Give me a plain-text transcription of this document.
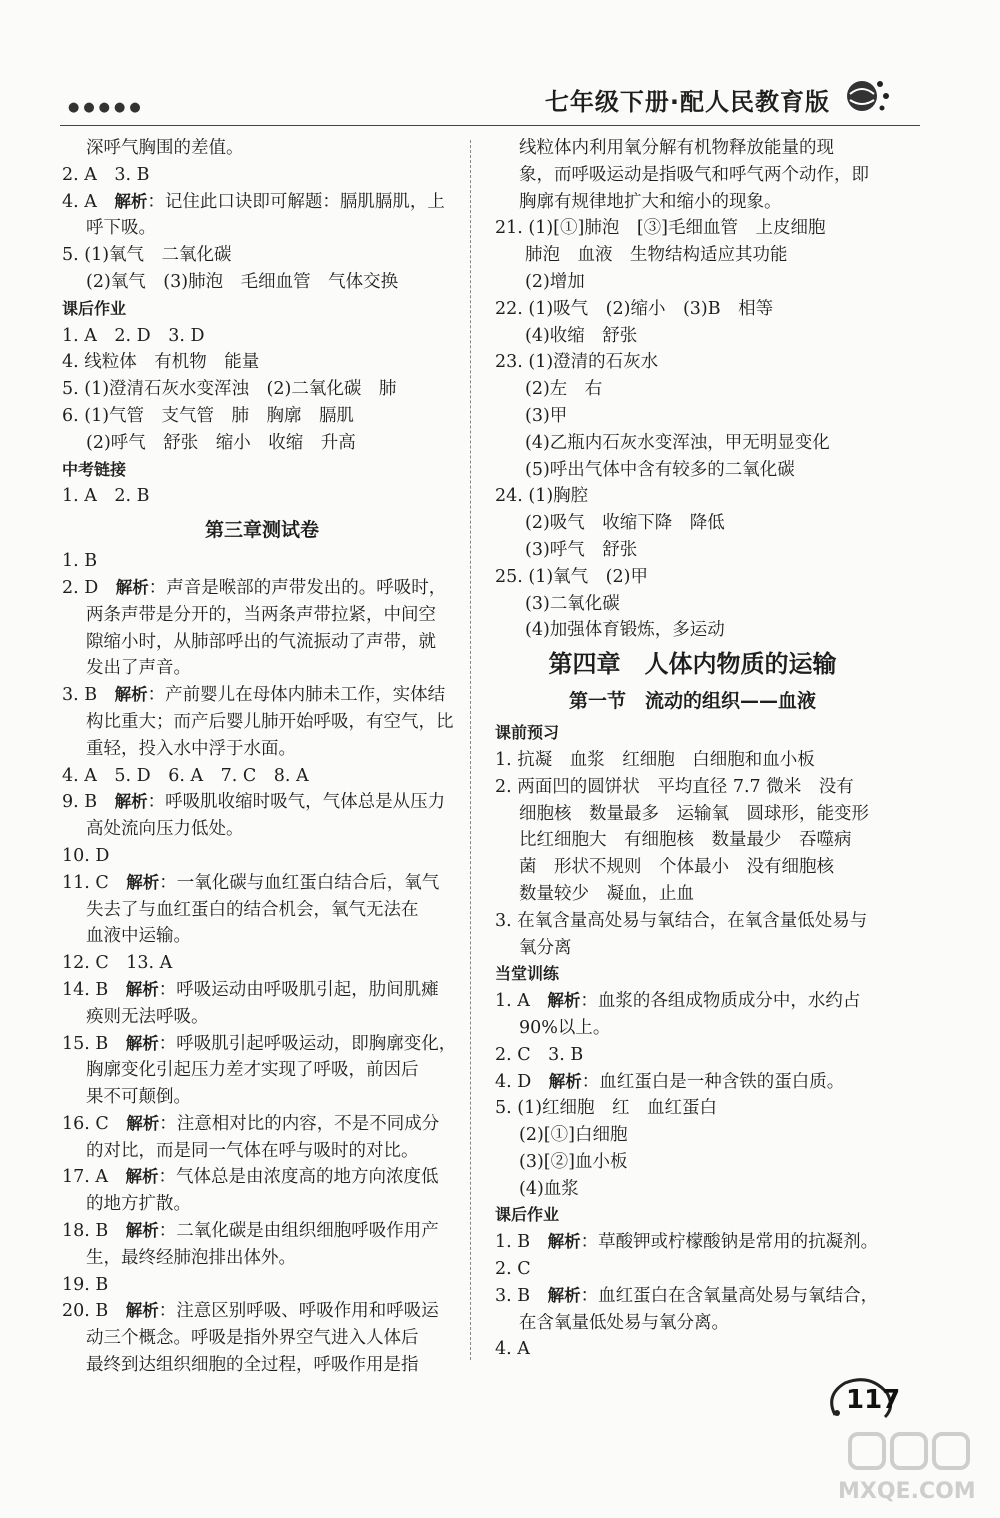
●●●●●	七年级下册·配人民教育版
深呼气胸围的差值。
2. A　3. B
4. A　解析：记住此口诀即可解题：膈肌膈肌，上
呼下吸。
5. (1)氧气　二氧化碳
(2)氧气　(3)肺泡　毛细血管　气体交换
课后作业
1. A　2. D　3. D
4. 线粒体　有机物　能量
5. (1)澄清石灰水变浑浊　(2)二氧化碳　肺
6. (1)气管　支气管　肺　胸廓　膈肌
(2)呼气　舒张　缩小　收缩　升高
中考链接
1. A　2. B
第三章测试卷
1. B
2. D　解析：声音是喉部的声带发出的。呼吸时，
两条声带是分开的，当两条声带拉紧，中间空
隙缩小时，从肺部呼出的气流振动了声带，就
发出了声音。
3. B　解析：产前婴儿在母体内肺未工作，实体结
构比重大；而产后婴儿肺开始呼吸，有空气，比
重轻，投入水中浮于水面。
4. A　5. D　6. A　7. C　8. A
9. B　解析：呼吸肌收缩时吸气，气体总是从压力
高处流向压力低处。
10. D
11. C　解析：一氧化碳与血红蛋白结合后，氧气
失去了与血红蛋白的结合机会，氧气无法在
血液中运输。
12. C　13. A
14. B　解析：呼吸运动由呼吸肌引起，肋间肌瘫
痪则无法呼吸。
15. B　解析：呼吸肌引起呼吸运动，即胸廓变化，
胸廓变化引起压力差才实现了呼吸，前因后
果不可颠倒。
16. C　解析：注意相对比的内容，不是不同成分
的对比，而是同一气体在呼与吸时的对比。
17. A　解析：气体总是由浓度高的地方向浓度低
的地方扩散。
18. B　解析：二氧化碳是由组织细胞呼吸作用产
生，最终经肺泡排出体外。
19. B
20. B　解析：注意区别呼吸、呼吸作用和呼吸运
动三个概念。呼吸是指外界空气进入人体后
最终到达组织细胞的全过程，呼吸作用是指
线粒体内利用氧分解有机物释放能量的现
象，而呼吸运动是指吸气和呼气两个动作，即
胸廓有规律地扩大和缩小的现象。
21. (1)[①]肺泡　[③]毛细血管　上皮细胞
肺泡　血液　生物结构适应其功能
(2)增加
22. (1)吸气　(2)缩小　(3)B　相等
(4)收缩　舒张
23. (1)澄清的石灰水
(2)左　右
(3)甲
(4)乙瓶内石灰水变浑浊，甲无明显变化
(5)呼出气体中含有较多的二氧化碳
24. (1)胸腔
(2)吸气　收缩下降　降低
(3)呼气　舒张
25. (1)氧气　(2)甲
(3)二氧化碳
(4)加强体育锻炼，多运动
第四章　人体内物质的运输
第一节　流动的组织——血液
课前预习
1. 抗凝　血浆　红细胞　白细胞和血小板
2. 两面凹的圆饼状　平均直径 7.7 微米　没有
细胞核　数量最多　运输氧　圆球形，能变形
比红细胞大　有细胞核　数量最少　吞噬病
菌　形状不规则　个体最小　没有细胞核
数量较少　凝血，止血
3. 在氧含量高处易与氧结合，在氧含量低处易与
氧分离
当堂训练
1. A　解析：血浆的各组成物质成分中，水约占
90%以上。
2. C　3. B
4. D　解析：血红蛋白是一种含铁的蛋白质。
5. (1)红细胞　红　血红蛋白
(2)[①]白细胞
(3)[②]血小板
(4)血浆
课后作业
1. B　解析：草酸钾或柠檬酸钠是常用的抗凝剂。
2. C
3. B　解析：血红蛋白在含氧量高处易与氧结合，
在含氧量低处易与氧分离。
4. A
117
MXQE.COM
